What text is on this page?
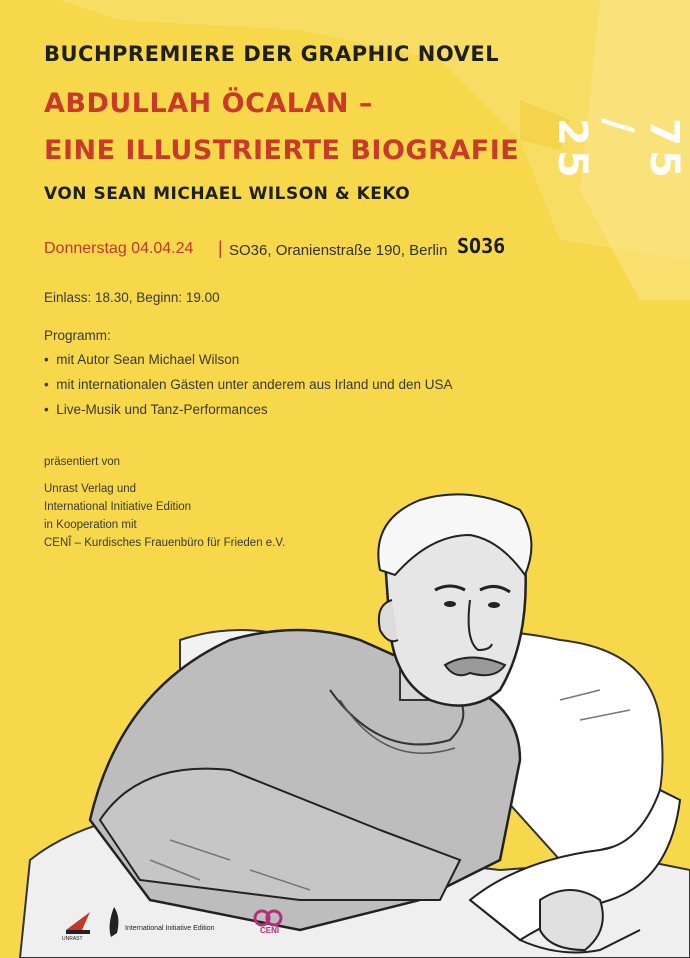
BUCHPREMIERE DER GRAPHIC NOVEL
ABDULLAH ÖCALAN –
EINE ILLUSTRIERTE BIOGRAFIE
VON SEAN MICHAEL WILSON & KEKO
75 / 25
Donnerstag 04.04.24 | SO36, Oranienstraße 190, Berlin SO36
Einlass: 18.30, Beginn: 19.00
Programm:
•  mit Autor Sean Michael Wilson
•  mit internationalen Gästen unter anderem aus Irland und den USA
•  Live-Musik und Tanz-Performances
präsentiert von
Unrast Verlag und
International Initiative Edition
in Kooperation mit
CENÎ – Kurdisches Frauenbüro für Frieden e.V.
UNRAST
International Initiative Edition	CENÎ
